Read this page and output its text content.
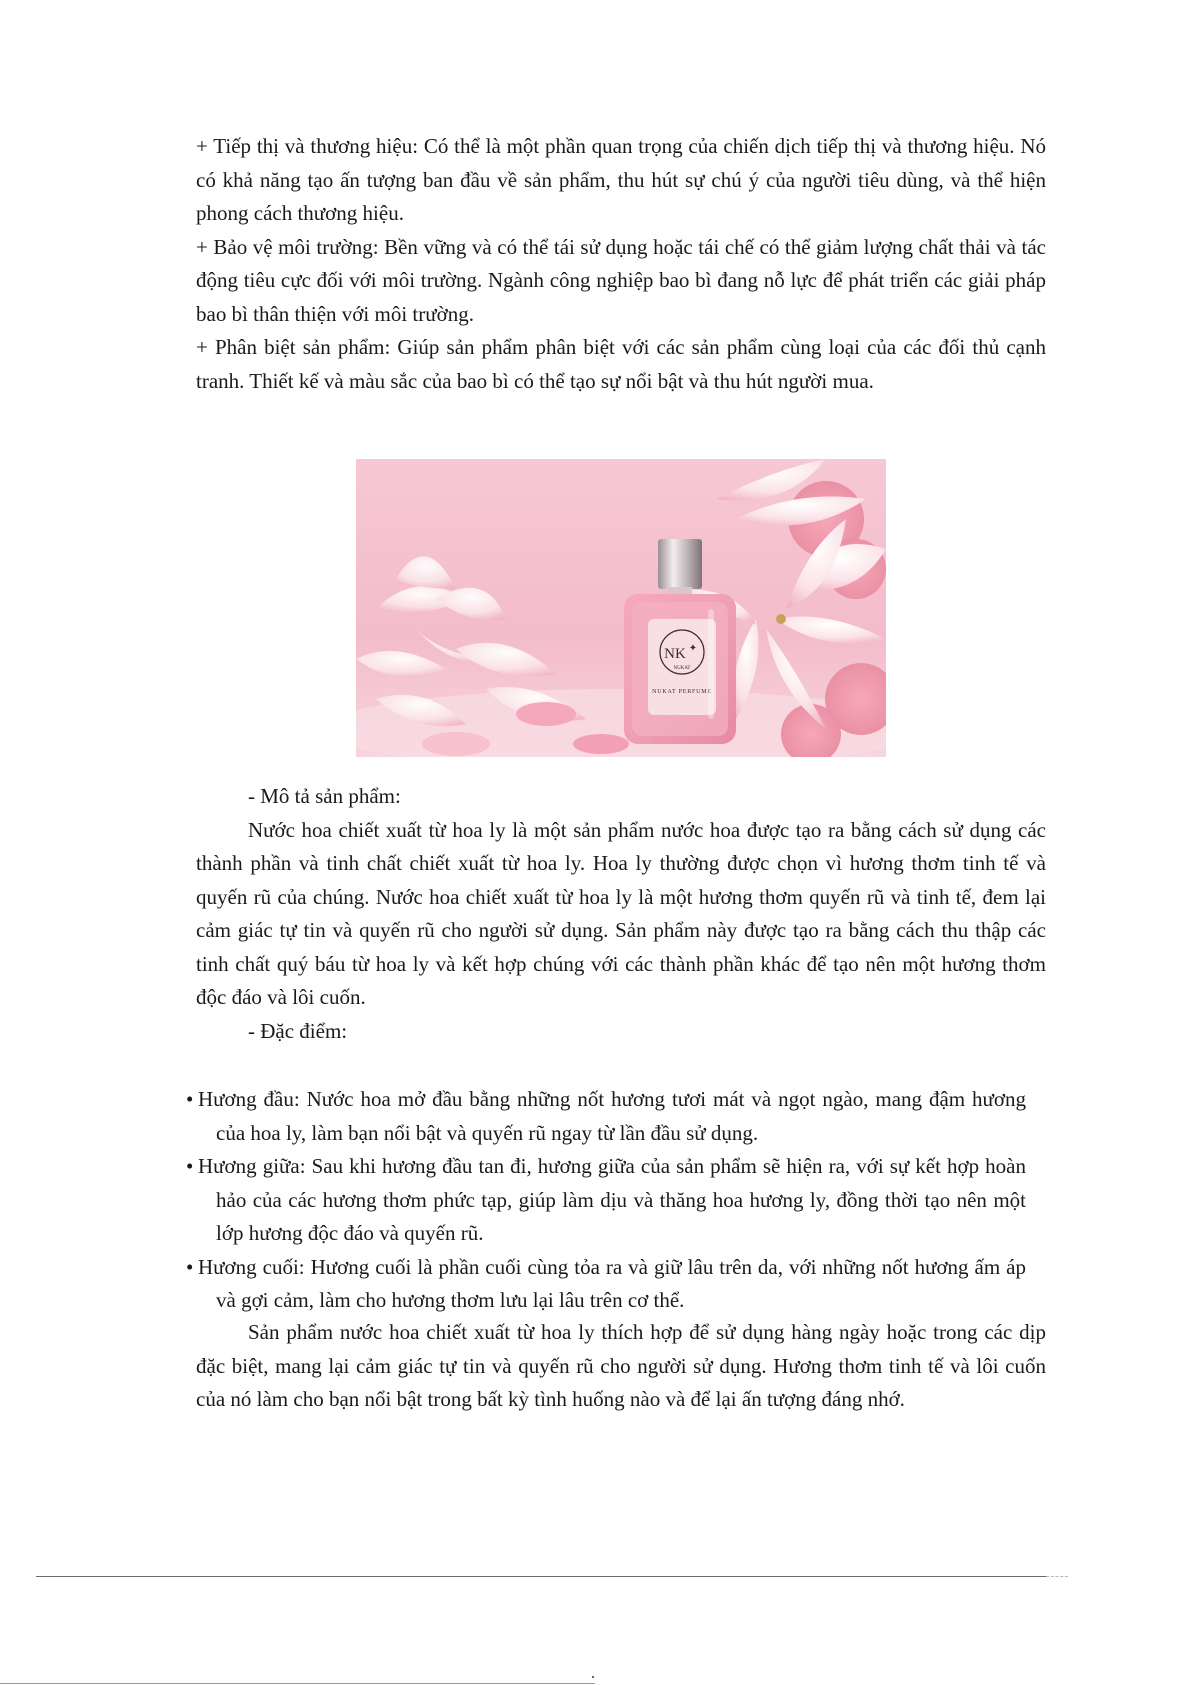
+ Tiếp thị và thương hiệu: Có thể là một phần quan trọng của chiến dịch tiếp thị và thương hiệu. Nó có khả năng tạo ấn tượng ban đầu về sản phẩm, thu hút sự chú ý của người tiêu dùng, và thể hiện phong cách thương hiệu.

+ Bảo vệ môi trường: Bền vững và có thể tái sử dụng hoặc tái chế có thể giảm lượng chất thải và tác động tiêu cực đối với môi trường. Ngành công nghiệp bao bì đang nỗ lực để phát triển các giải pháp bao bì thân thiện với môi trường.

+ Phân biệt sản phẩm: Giúp sản phẩm phân biệt với các sản phẩm cùng loại của các đối thủ cạnh tranh. Thiết kế và màu sắc của bao bì có thể tạo sự nổi bật và thu hút người mua.

NK ✦
NUKAT
NUKAT PERFUME

- Mô tả sản phẩm:

Nước hoa chiết xuất từ hoa ly là một sản phẩm nước hoa được tạo ra bằng cách sử dụng các thành phần và tinh chất chiết xuất từ hoa ly. Hoa ly thường được chọn vì hương thơm tinh tế và quyến rũ của chúng. Nước hoa chiết xuất từ hoa ly là một hương thơm quyến rũ và tinh tế, đem lại cảm giác tự tin và quyến rũ cho người sử dụng. Sản phẩm này được tạo ra bằng cách thu thập các tinh chất quý báu từ hoa ly và kết hợp chúng với các thành phần khác để tạo nên một hương thơm độc đáo và lôi cuốn.

- Đặc điểm:

• Hương đầu: Nước hoa mở đầu bằng những nốt hương tươi mát và ngọt ngào, mang đậm hương của hoa ly, làm bạn nổi bật và quyến rũ ngay từ lần đầu sử dụng.

• Hương giữa: Sau khi hương đầu tan đi, hương giữa của sản phẩm sẽ hiện ra, với sự kết hợp hoàn hảo của các hương thơm phức tạp, giúp làm dịu và thăng hoa hương ly, đồng thời tạo nên một lớp hương độc đáo và quyến rũ.

• Hương cuối: Hương cuối là phần cuối cùng tỏa ra và giữ lâu trên da, với những nốt hương ấm áp và gợi cảm, làm cho hương thơm lưu lại lâu trên cơ thể.

Sản phẩm nước hoa chiết xuất từ hoa ly thích hợp để sử dụng hàng ngày hoặc trong các dịp đặc biệt, mang lại cảm giác tự tin và quyến rũ cho người sử dụng. Hương thơm tinh tế và lôi cuốn của nó làm cho bạn nổi bật trong bất kỳ tình huống nào và để lại ấn tượng đáng nhớ.
